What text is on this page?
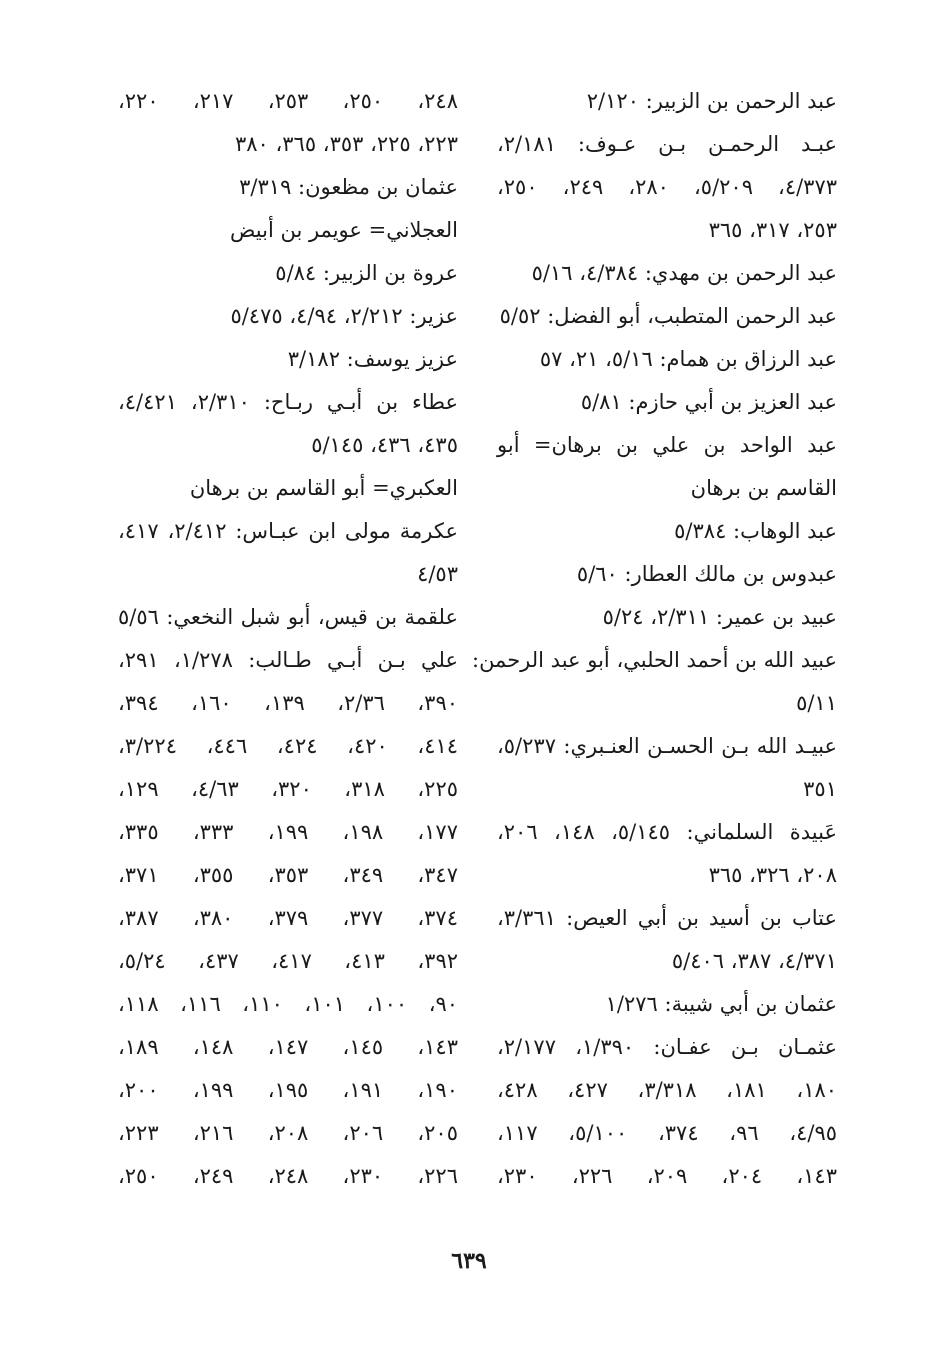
عبد الرحمن بن الزبير: ٢/١٢٠
عبـد الرحمـن بـن عـوف: ٢/١٨١،
٤/٣٧٣، ٥/٢٠٩، ٢٨٠، ٢٤٩، ٢٥٠،
٢٥٣، ٣١٧، ٣٦٥
عبد الرحمن بن مهدي: ٤/٣٨٤، ٥/١٦
عبد الرحمن المتطبب، أبو الفضل: ٥/٥٢
عبد الرزاق بن همام: ٥/١٦، ٢١، ٥٧
عبد العزيز بن أبي حازم: ٥/٨١
عبد الواحد بن علي بن برهان= أبو
القاسم بن برهان
عبد الوهاب: ٥/٣٨٤
عبدوس بن مالك العطار: ٥/٦٠
عبيد بن عمير: ٢/٣١١، ٥/٢٤
عبيد الله بن أحمد الحلبي، أبو عبد الرحمن:
٥/١١
عبيـد الله بـن الحسـن العنـبري: ٥/٢٣٧،
٣٥١
عَبيدة السلماني: ٥/١٤٥، ١٤٨، ٢٠٦،
٢٠٨، ٣٢٦، ٣٦٥
عتاب بن أسيد بن أبي العيص: ٣/٣٦١،
٤/٣٧١، ٣٨٧، ٥/٤٠٦
عثمان بن أبي شيبة: ١/٢٧٦
عثمـان بـن عفـان: ١/٣٩٠، ٢/١٧٧،
١٨٠، ١٨١، ٣/٣١٨، ٤٢٧، ٤٢٨،
٤/٩٥، ٩٦، ٣٧٤، ٥/١٠٠، ١١٧،
١٤٣، ٢٠٤، ٢٠٩، ٢٢٦، ٢٣٠،
٢٤٨، ٢٥٠، ٢٥٣، ٢١٧، ٢٢٠،
٢٢٣، ٢٢٥، ٣٥٣، ٣٦٥، ٣٨٠
عثمان بن مظعون: ٣/٣١٩
العجلاني= عويمر بن أبيض
عروة بن الزبير: ٥/٨٤
عزير: ٢/٢١٢، ٤/٩٤، ٥/٤٧٥
عزيز يوسف: ٣/١٨٢
عطاء بن أبـي ربـاح: ٢/٣١٠، ٤/٤٢١،
٤٣٥، ٤٣٦، ٥/١٤٥
العكبري= أبو القاسم بن برهان
عكرمة مولى ابن عبـاس: ٢/٤١٢، ٤١٧،
٤/٥٣
علقمة بن قيس، أبو شبل النخعي: ٥/٥٦
علي بـن أبـي طـالب: ١/٢٧٨، ٢٩١،
٣٩٠، ٢/٣٦، ١٣٩، ١٦٠، ٣٩٤،
٤١٤، ٤٢٠، ٤٢٤، ٤٤٦، ٣/٢٢٤،
٢٢٥، ٣١٨، ٣٢٠، ٤/٦٣، ١٢٩،
١٧٧، ١٩٨، ١٩٩، ٣٣٣، ٣٣٥،
٣٤٧، ٣٤٩، ٣٥٣، ٣٥٥، ٣٧١،
٣٧٤، ٣٧٧، ٣٧٩، ٣٨٠، ٣٨٧،
٣٩٢، ٤١٣، ٤١٧، ٤٣٧، ٥/٢٤،
٩٠، ١٠٠، ١٠١، ١١٠، ١١٦، ١١٨،
١٤٣، ١٤٥، ١٤٧، ١٤٨، ١٨٩،
١٩٠، ١٩١، ١٩٥، ١٩٩، ٢٠٠،
٢٠٥، ٢٠٦، ٢٠٨، ٢١٦، ٢٢٣،
٢٢٦، ٢٣٠، ٢٤٨، ٢٤٩، ٢٥٠،
٦٣٩
